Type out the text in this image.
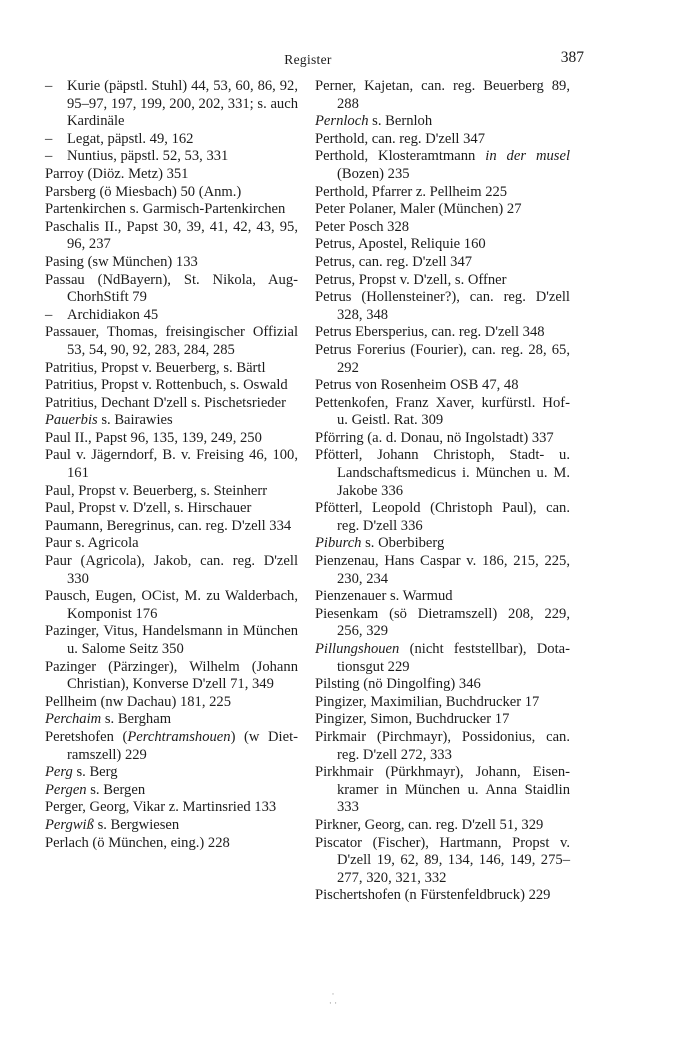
Register	387
–Kurie (päpstl. Stuhl) 44, 53, 60, 86, 92, 95–97, 197, 199, 200, 202, 331; s. auch Kardinäle
–Legat, päpstl. 49, 162
–Nuntius, päpstl. 52, 53, 331
Parroy (Diöz. Metz) 351
Parsberg (ö Miesbach) 50 (Anm.)
Partenkirchen s. Garmisch-Partenkirchen
Paschalis II., Papst 30, 39, 41, 42, 43, 95, 96, 237
Pasing (sw München) 133
Passau (NdBayern), St. Nikola, AugChorhStift 79
–Archidiakon 45
Passauer, Thomas, freisingischer Offizial 53, 54, 90, 92, 283, 284, 285
Patritius, Propst v. Beuerberg, s. Bärtl
Patritius, Propst v. Rottenbuch, s. Oswald
Patritius, Dechant D'zell s. Pischetsrieder
Pauerbis s. Bairawies
Paul II., Papst 96, 135, 139, 249, 250
Paul v. Jägerndorf, B. v. Freising 46, 100, 161
Paul, Propst v. Beuerberg, s. Steinherr
Paul, Propst v. D'zell, s. Hirschauer
Paumann, Beregrinus, can. reg. D'zell 334
Paur s. Agricola
Paur (Agricola), Jakob, can. reg. D'zell 330
Pausch, Eugen, OCist, M. zu Walderbach, Komponist 176
Pazinger, Vitus, Handelsmann in München u. Salome Seitz 350
Pazinger (Pärzinger), Wilhelm (Johann Christian), Konverse D'zell 71, 349
Pellheim (nw Dachau) 181, 225
Perchaim s. Bergham
Peretshofen (Perchtramshouen) (w Dietramszell) 229
Perg s. Berg
Pergen s. Bergen
Perger, Georg, Vikar z. Martinsried 133
Pergwiß s. Bergwiesen
Perlach (ö München, eing.) 228
Perner, Kajetan, can. reg. Beuerberg 89, 288
Pernloch s. Bernloh
Perthold, can. reg. D'zell 347
Perthold, Klosteramtmann in der musel (Bozen) 235
Perthold, Pfarrer z. Pellheim 225
Peter Polaner, Maler (München) 27
Peter Posch 328
Petrus, Apostel, Reliquie 160
Petrus, can. reg. D'zell 347
Petrus, Propst v. D'zell, s. Offner
Petrus (Hollensteiner?), can. reg. D'zell 328, 348
Petrus Ebersperius, can. reg. D'zell 348
Petrus Forerius (Fourier), can. reg. 28, 65, 292
Petrus von Rosenheim OSB 47, 48
Pettenkofen, Franz Xaver, kurfürstl. Hof- u. Geistl. Rat. 309
Pförring (a. d. Donau, nö Ingolstadt) 337
Pfötterl, Johann Christoph, Stadt- u. Landschaftsmedicus i. München u. M. Jakobe 336
Pfötterl, Leopold (Christoph Paul), can. reg. D'zell 336
Piburch s. Oberbiberg
Pienzenau, Hans Caspar v. 186, 215, 225, 230, 234
Pienzenauer s. Warmud
Piesenkam (sö Dietramszell) 208, 229, 256, 329
Pillungshouen (nicht feststellbar), Dotationsgut 229
Pilsting (nö Dingolfing) 346
Pingizer, Maximilian, Buchdrucker 17
Pingizer, Simon, Buchdrucker 17
Pirkmair (Pirchmayr), Possidonius, can. reg. D'zell 272, 333
Pirkhmair (Pürkhmayr), Johann, Eisenkramer in München u. Anna Staidlin 333
Pirkner, Georg, can. reg. D'zell 51, 329
Piscator (Fischer), Hartmann, Propst v. D'zell 19, 62, 89, 134, 146, 149, 275–277, 320, 321, 332
Pischertshofen (n Fürstenfeldbruck) 229
·
· ·
